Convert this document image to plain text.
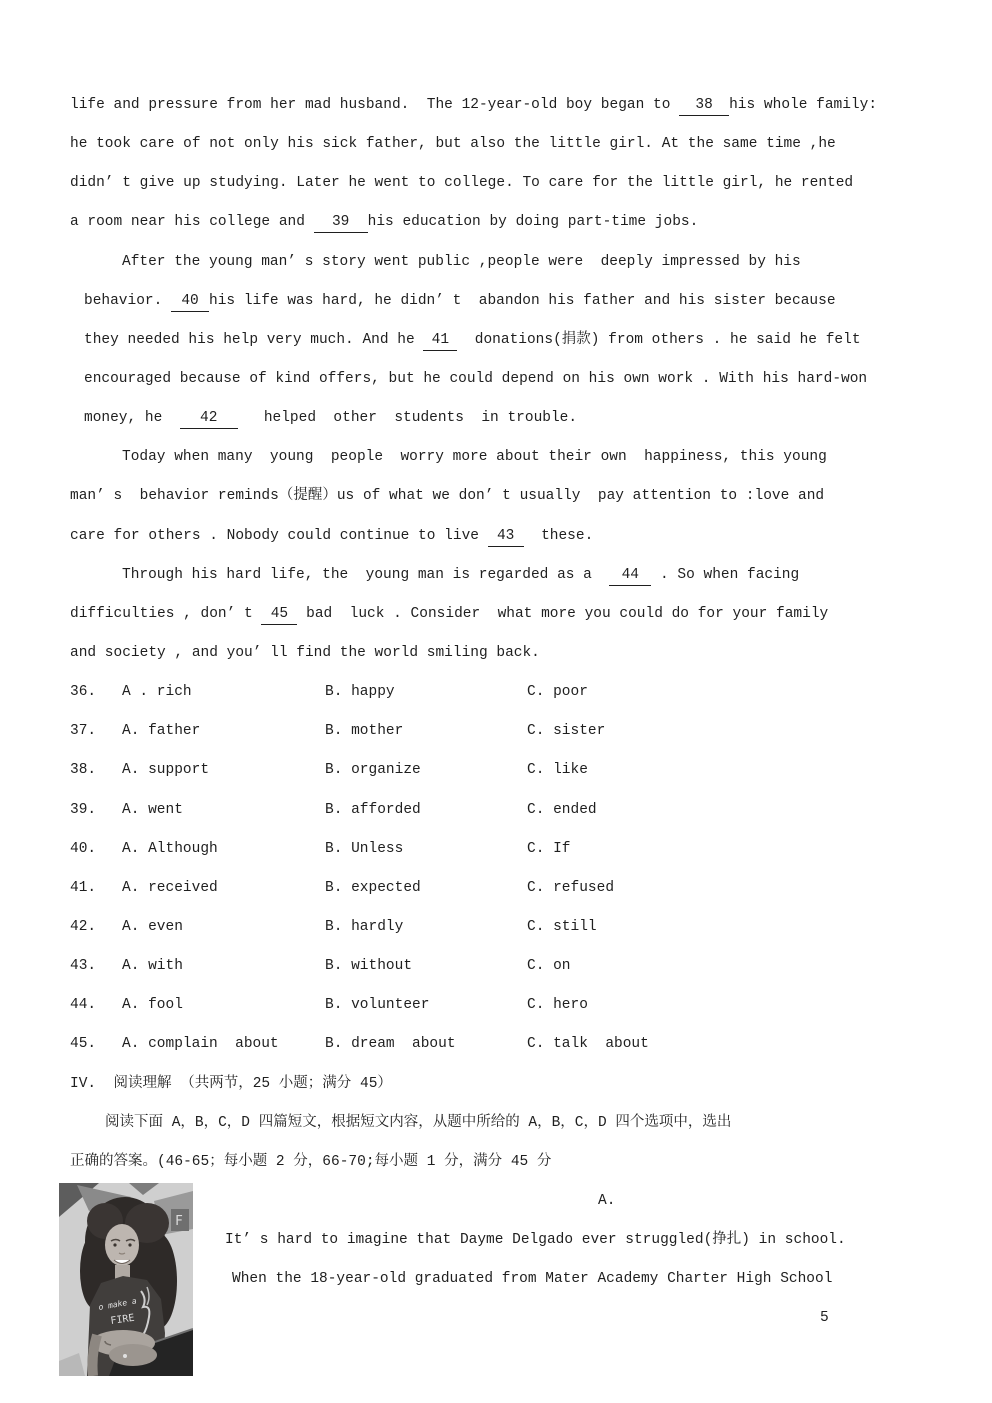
life and pressure from her mad husband.  The 12-year-old boy began to 38 his whole family:
he took care of not only his sick father, but also the little girl. At the same time ,he
didn’ t give up studying. Later he went to college. To care for the little girl, he rented
a room near his college and 39 his education by doing part-time jobs.
After the young man’ s story went public ,people were  deeply impressed by his
behavior. 40 his life was hard, he didn’ t  abandon his father and his sister because
they needed his help very much. And he 41  donations(捐款) from others . he said he felt
encouraged because of kind offers, but he could depend on his own work . With his hard-won
money, he  42   helped  other  students  in trouble.
Today when many  young  people  worry more about their own  happiness, this young
man’ s  behavior reminds（提醒）us of what we don’ t usually  pay attention to :love and
care for others . Nobody could continue to live 43  these.
Through his hard life, the  young man is regarded as a  44 . So when facing
difficulties , don’ t 45 bad  luck . Consider  what more you could do for your family
and society , and you’ ll find the world smiling back.
36.	A . rich	B. happy	C. poor
37.	A. father	B. mother	C. sister
38.	A. support	B. organize	C. like
39.	A. went	B. afforded	C. ended
40.	A. Although	B. Unless	C. If
41.	A. received	B. expected	C. refused
42.	A. even	B. hardly	C. still
43.	A. with	B. without	C. on
44.	A. fool	B. volunteer	C. hero
45.	A. complain  about	B. dream  about	C. talk  about
IV.  阅读理解 （共两节，25 小题；满分 45）
阅读下面 A，B，C，D 四篇短文，根据短文内容，从题中所给的 A，B，C，D 四个选项中，选出
正确的答案。(46-65；每小题 2 分，66-70;每小题 1 分，满分 45 分
A.
It’ s hard to imagine that Dayme Delgado ever struggled(挣扎) in school.
When the 18-year-old graduated from Mater Academy Charter High School
5
F
o make a
FIRE
